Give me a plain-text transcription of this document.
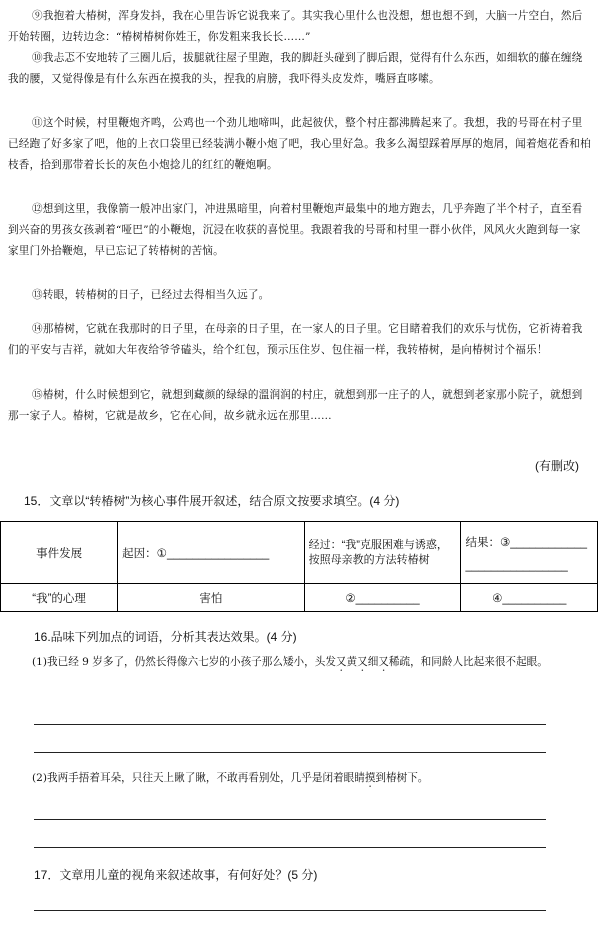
⑨我抱着大椿树，浑身发抖，我在心里告诉它说我来了。其实我心里什么也没想，想也想不到，大脑一片空白，然后开始转圈，边转边念：“椿树椿树你姓王，你发粗来我长长……”

⑩我忐忑不安地转了三圈儿后，拔腿就往屋子里跑，我的脚赶头碰到了脚后跟，觉得有什么东西，如细软的藤在缠绕我的腰，又觉得像是有什么东西在摸我的头，捏我的肩膀，我吓得头皮发炸，嘴唇直哆嗦。

⑪这个时候，村里鞭炮齐鸣，公鸡也一个劲儿地啼叫，此起彼伏，整个村庄都沸腾起来了。我想，我的号哥在村子里已经跑了好多家了吧，他的上衣口袋里已经装满小鞭小炮了吧，我心里好急。我多么渴望踩着厚厚的炮屑，闻着炮花香和柏枝香，拾到那带着长长的灰色小炮捻儿的红红的鞭炮啊。

⑫想到这里，我像箭一般冲出家门，冲进黑暗里，向着村里鞭炮声最集中的地方跑去，几乎奔跑了半个村子，直至看到兴奋的男孩女孩剥着“哑巴”的小鞭炮，沉浸在收获的喜悦里。我跟着我的号哥和村里一群小伙伴，风风火火跑到每一家家里门外拾鞭炮，早已忘记了转椿树的苦恼。

⑬转眼，转椿树的日子，已经过去得相当久远了。

⑭那椿树，它就在我那时的日子里，在母亲的日子里，在一家人的日子里。它目睹着我们的欢乐与忧伤，它祈祷着我们的平安与吉祥，就如大年夜给爷爷磕头，给个红包，预示压住岁、包住福一样，我转椿树，是向椿树讨个福乐！

⑮椿树，什么时候想到它，就想到藏颜的绿绿的溫润润的村庄，就想到那一庄子的人，就想到老家那小院子，就想到那一家子人。椿树，它就是故乡，它在心间，故乡就永远在那里……

(有删改)
15．文章以“转椿树”为核心事件展开叙述，结合原文按要求填空。(4 分)
事件发展	起因：①________________	经过：“我”克服困难与诱惑，按照母亲教的方法转椿树	结果：③____________
________________

“我”的心理	害怕	②__________	④__________
16.品味下列加点的词语，分析其表达效果。(4 分)

(1)我已经 9 岁多了，仍然长得像六七岁的小孩子那么矮小，头发又黄又细又稀疏，和同龄人比起来很不起眼。

(2)我两手捂着耳朵，只往天上瞅了瞅，不敢再看别处，几乎是闭着眼睛摸到椿树下。

17．文章用儿童的视角来叙述故事，有何好处？(5 分)
